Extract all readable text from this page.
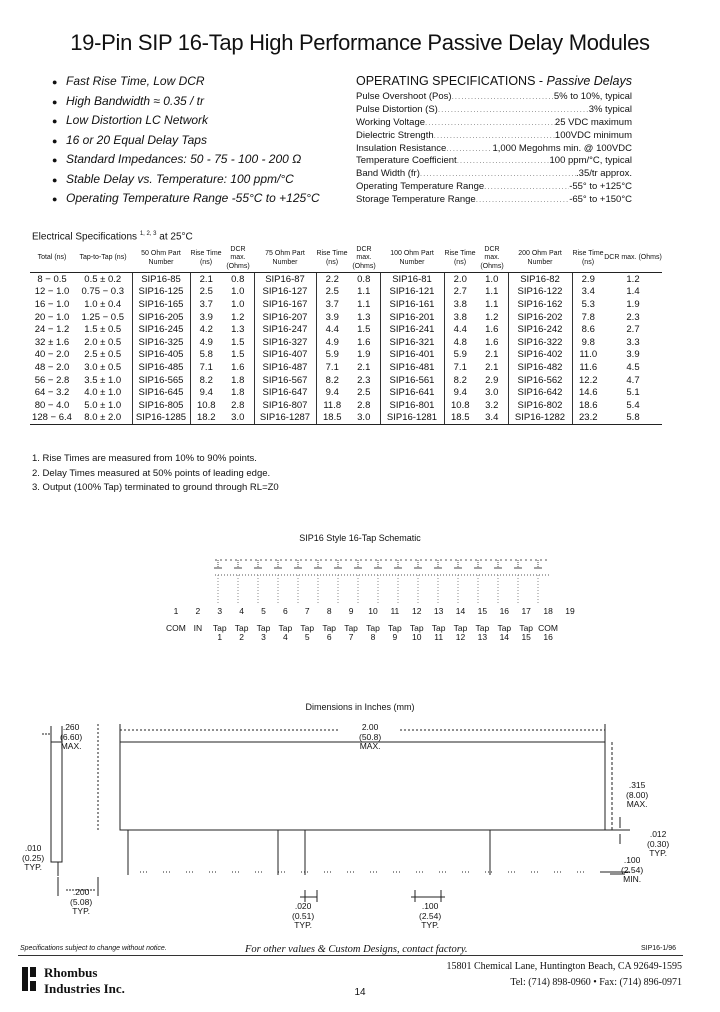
19-Pin SIP 16-Tap High Performance Passive Delay Modules
● Fast Rise Time, Low DCR
● High Bandwidth ≈ 0.35 / tr
● Low Distortion LC Network
● 16 or 20 Equal Delay Taps
● Standard Impedances: 50 - 75 - 100 - 200 Ω
● Stable Delay vs. Temperature: 100 ppm/°C
● Operating Temperature Range -55°C to +125°C
OPERATING SPECIFICATIONS - Passive Delays
Pulse Overshoot (Pos) .....	5% to 10%, typical
Pulse Distortion (S) .....	3% typical
Working Voltage .....	25 VDC maximum
Dielectric Strength .....	100VDC minimum
Insulation Resistance .....	1,000 Megohms min. @ 100VDC
Temperature Coefficient .....	100 ppm/°C, typical
Band Width (fr) .....	.35/tr approx.
Operating Temperature Range .....	-55° to +125°C
Storage Temperature Range .....	-65° to +150°C
Electrical Specifications $^{1, 2, 3}$ at 25°C
Total (ns)	Tap-to-Tap (ns)	50 Ohm Part Number	Rise Time (ns)	DCR max. (Ohms)	75 Ohm Part Number	Rise Time (ns)	DCR max. (Ohms)	100 Ohm Part Number	Rise Time (ns)	DCR max. (Ohms)	200 Ohm Part Number	Rise Time (ns)	DCR max. (Ohms)
8 − 0.5	0.5 ± 0.2	SIP16-85	2.1	0.8	SIP16-87	2.2	0.8	SIP16-81	2.0	1.0	SIP16-82	2.9	1.2
12 − 1.0	0.75 − 0.3	SIP16-125	2.5	1.0	SIP16-127	2.5	1.1	SIP16-121	2.7	1.1	SIP16-122	3.4	1.4
16 − 1.0	1.0 ± 0.4	SIP16-165	3.7	1.0	SIP16-167	3.7	1.1	SIP16-161	3.8	1.1	SIP16-162	5.3	1.9
20 − 1.0	1.25 − 0.5	SIP16-205	3.9	1.2	SIP16-207	3.9	1.3	SIP16-201	3.8	1.2	SIP16-202	7.8	2.3
24 − 1.2	1.5 ± 0.5	SIP16-245	4.2	1.3	SIP16-247	4.4	1.5	SIP16-241	4.4	1.6	SIP16-242	8.6	2.7
32 ± 1.6	2.0 ± 0.5	SIP16-325	4.9	1.5	SIP16-327	4.9	1.6	SIP16-321	4.8	1.6	SIP16-322	9.8	3.3
40 − 2.0	2.5 ± 0.5	SIP16-405	5.8	1.5	SIP16-407	5.9	1.9	SIP16-401	5.9	2.1	SIP16-402	11.0	3.9
48 − 2.0	3.0 ± 0.5	SIP16-485	7.1	1.6	SIP16-487	7.1	2.1	SIP16-481	7.1	2.1	SIP16-482	11.6	4.5
56 − 2.8	3.5 ± 1.0	SIP16-565	8.2	1.8	SIP16-567	8.2	2.3	SIP16-561	8.2	2.9	SIP16-562	12.2	4.7
64 − 3.2	4.0 ± 1.0	SIP16-645	9.4	1.8	SIP16-647	9.4	2.5	SIP16-641	9.4	3.0	SIP16-642	14.6	5.1
80 − 4.0	5.0 ± 1.0	SIP16-805	10.8	2.8	SIP16-807	11.8	2.8	SIP16-801	10.8	3.2	SIP16-802	18.6	5.4
128 − 6.4	8.0 ± 2.0	SIP16-1285	18.2	3.0	SIP16-1287	18.5	3.0	SIP16-1281	18.5	3.4	SIP16-1282	23.2	5.8
1. Rise Times are measured from 10% to 90% points.
2. Delay Times measured at 50% points of leading edge.
3. Output (100% Tap) terminated to ground through RL=Z0
SIP16 Style 16-Tap Schematic
1	2	3	4	5	6	7	8	9	10	11	12	13	14	15	16	17	18	19
COM IN	Tap Tap Tap Tap Tap Tap Tap Tap Tap Tap Tap Tap Tap Tap Tap COM
1	2	3	4	5	6	7	8	9	10	11	12	13	14	15	16
Dimensions in Inches (mm)
.260
(6.60)
MAX.
2.00
(50.8)
MAX.
.315
(8.00)
MAX.
.010
(0.25)
TYP.
.012
(0.30)
TYP.
.100
(2.54)
MIN.
.200
(5.08)
TYP.	.020
(0.51)
TYP.
.100
(2.54)
TYP.
Specifications subject to change without notice.	For other values & Custom Designs, contact factory.	SIP16-1/96
Rhombus
Industries Inc.	14
15801 Chemical Lane, Huntington Beach, CA 92649-1595
Tel: (714) 898-0960 • Fax: (714) 896-0971
